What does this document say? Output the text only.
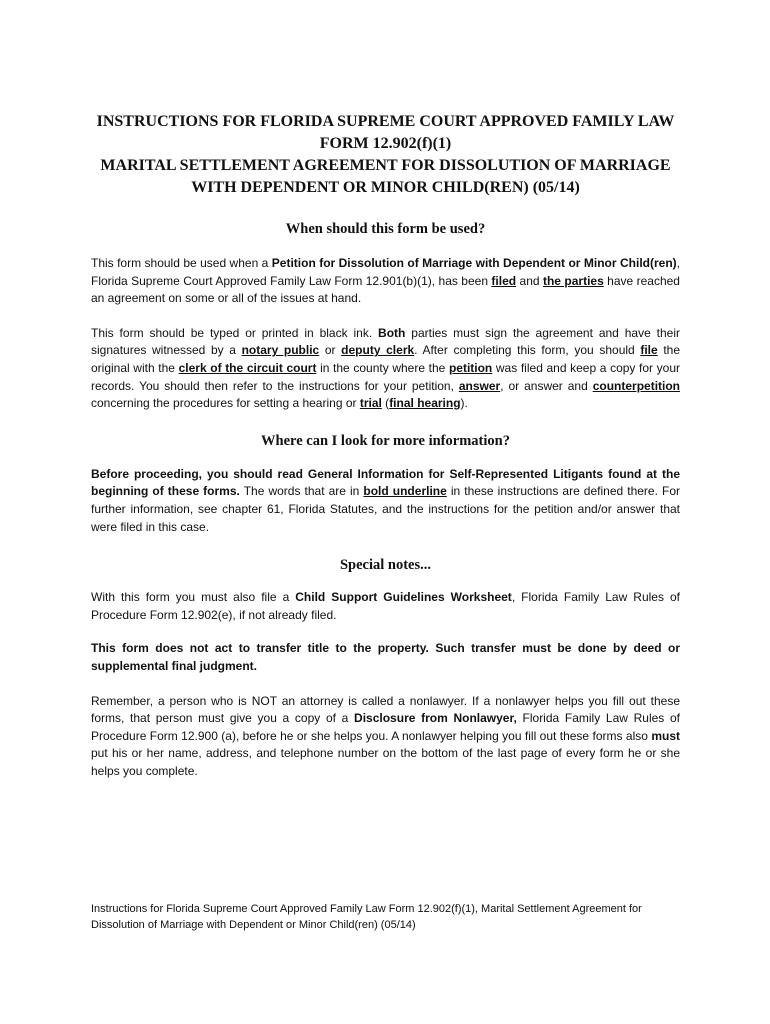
INSTRUCTIONS FOR FLORIDA SUPREME COURT APPROVED FAMILY LAW
FORM 12.902(f)(1)
MARITAL SETTLEMENT AGREEMENT FOR DISSOLUTION OF MARRIAGE
WITH DEPENDENT OR MINOR CHILD(REN) (05/14)
When should this form be used?

This form should be used when a Petition for Dissolution of Marriage with Dependent or Minor Child(ren), Florida Supreme Court Approved Family Law Form 12.901(b)(1), has been filed and the parties have reached an agreement on some or all of the issues at hand.

This form should be typed or printed in black ink. Both parties must sign the agreement and have their signatures witnessed by a notary public or deputy clerk. After completing this form, you should file the original with the clerk of the circuit court in the county where the petition was filed and keep a copy for your records. You should then refer to the instructions for your petition, answer, or answer and counterpetition concerning the procedures for setting a hearing or trial (final hearing).

Where can I look for more information?

Before proceeding, you should read General Information for Self-Represented Litigants found at the beginning of these forms. The words that are in bold underline in these instructions are defined there. For further information, see chapter 61, Florida Statutes, and the instructions for the petition and/or answer that were filed in this case.

Special notes...

With this form you must also file a Child Support Guidelines Worksheet, Florida Family Law Rules of Procedure Form 12.902(e), if not already filed.

This form does not act to transfer title to the property. Such transfer must be done by deed or supplemental final judgment.

Remember, a person who is NOT an attorney is called a nonlawyer. If a nonlawyer helps you fill out these forms, that person must give you a copy of a Disclosure from Nonlawyer, Florida Family Law Rules of Procedure Form 12.900 (a), before he or she helps you. A nonlawyer helping you fill out these forms also must put his or her name, address, and telephone number on the bottom of the last page of every form he or she helps you complete.

Instructions for Florida Supreme Court Approved Family Law Form 12.902(f)(1), Marital Settlement Agreement for
Dissolution of Marriage with Dependent or Minor Child(ren) (05/14)
